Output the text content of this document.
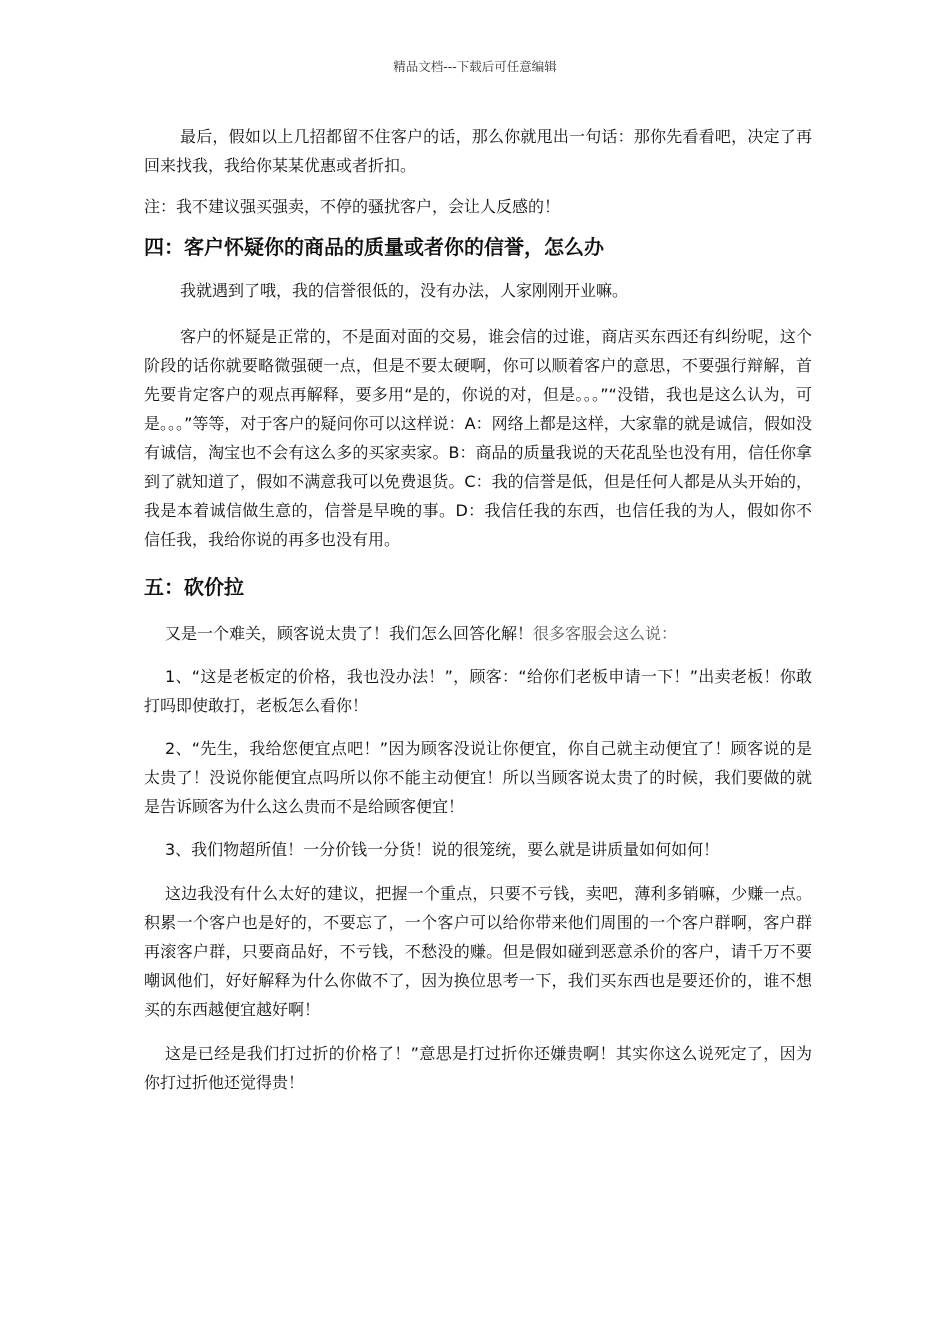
精品文档---下载后可任意编辑

最后，假如以上几招都留不住客户的话，那么你就甩出一句话：那你先看看吧，决定了再回来找我，我给你某某优惠或者折扣。

注：我不建议强买强卖，不停的骚扰客户，会让人反感的！

四：客户怀疑你的商品的质量或者你的信誉，怎么办

我就遇到了哦，我的信誉很低的，没有办法，人家刚刚开业嘛。

客户的怀疑是正常的，不是面对面的交易，谁会信的过谁，商店买东西还有纠纷呢，这个阶段的话你就要略微强硬一点，但是不要太硬啊，你可以顺着客户的意思，不要强行辩解，首先要肯定客户的观点再解释，要多用“是的，你说的对，但是。。。”“没错，我也是这么认为，可是。。。”等等，对于客户的疑问你可以这样说：A：网络上都是这样，大家靠的就是诚信，假如没有诚信，淘宝也不会有这么多的买家卖家。B：商品的质量我说的天花乱坠也没有用，信任你拿到了就知道了，假如不满意我可以免费退货。C：我的信誉是低，但是任何人都是从头开始的，我是本着诚信做生意的，信誉是早晚的事。D：我信任我的东西，也信任我的为人，假如你不信任我，我给你说的再多也没有用。

五：砍价拉

又是一个难关，顾客说太贵了！我们怎么回答化解！很多客服会这么说：

1、“这是老板定的价格，我也没办法！”，顾客：“给你们老板申请一下！”出卖老板！你敢打吗即使敢打，老板怎么看你！

2、“先生，我给您便宜点吧！”因为顾客没说让你便宜，你自己就主动便宜了！顾客说的是太贵了！没说你能便宜点吗所以你不能主动便宜！所以当顾客说太贵了的时候，我们要做的就是告诉顾客为什么这么贵而不是给顾客便宜！

3、我们物超所值！一分价钱一分货！说的很笼统，要么就是讲质量如何如何！

这边我没有什么太好的建议，把握一个重点，只要不亏钱，卖吧，薄利多销嘛，少赚一点。积累一个客户也是好的，不要忘了，一个客户可以给你带来他们周围的一个客户群啊，客户群再滚客户群，只要商品好，不亏钱，不愁没的赚。但是假如碰到恶意杀价的客户，请千万不要嘲讽他们，好好解释为什么你做不了，因为换位思考一下，我们买东西也是要还价的，谁不想买的东西越便宜越好啊！

这是已经是我们打过折的价格了！”意思是打过折你还嫌贵啊！其实你这么说死定了，因为你打过折他还觉得贵！
